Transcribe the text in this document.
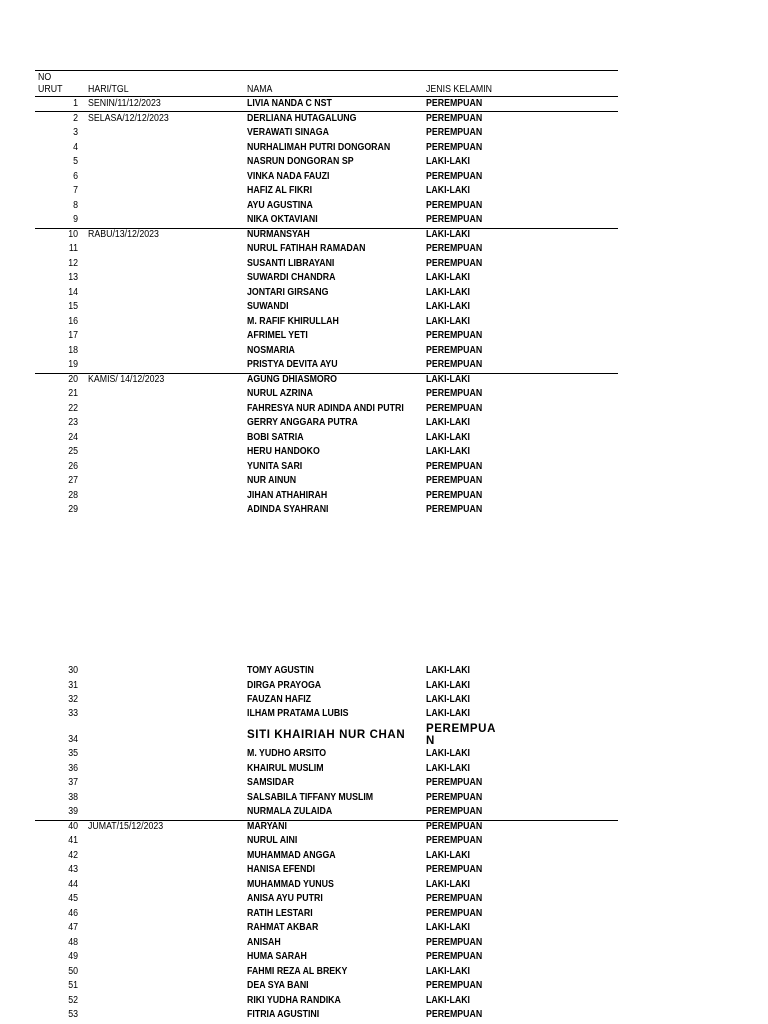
NO
URUT	HARI/TGL	NAMA	JENIS KELAMIN
1 SENIN/11/12/2023	LIVIA NANDA C NST	PEREMPUAN
2 SELASA/12/12/2023	DERLIANA HUTAGALUNG	PEREMPUAN
3	VERAWATI SINAGA	PEREMPUAN
4	NURHALIMAH PUTRI DONGORAN	PEREMPUAN
5	NASRUN DONGORAN SP	LAKI-LAKI
6	VINKA NADA FAUZI	PEREMPUAN
7	HAFIZ AL FIKRI	LAKI-LAKI
8	AYU AGUSTINA	PEREMPUAN
9	NIKA OKTAVIANI	PEREMPUAN
10 RABU/13/12/2023	NURMANSYAH	LAKI-LAKI
11	NURUL FATIHAH RAMADAN	PEREMPUAN
12	SUSANTI LIBRAYANI	PEREMPUAN
13	SUWARDI CHANDRA	LAKI-LAKI
14	JONTARI GIRSANG	LAKI-LAKI
15	SUWANDI	LAKI-LAKI
16	M. RAFIF KHIRULLAH	LAKI-LAKI
17	AFRIMEL YETI	PEREMPUAN
18	NOSMARIA	PEREMPUAN
19	PRISTYA DEVITA AYU	PEREMPUAN
20 KAMIS/ 14/12/2023	AGUNG DHIASMORO	LAKI-LAKI
21	NURUL AZRINA	PEREMPUAN
22	FAHRESYA NUR ADINDA ANDI PUTRI PEREMPUAN
23	GERRY ANGGARA PUTRA	LAKI-LAKI
24	BOBI SATRIA	LAKI-LAKI
25	HERU HANDOKO	LAKI-LAKI
26	YUNITA SARI	PEREMPUAN
27	NUR AINUN	PEREMPUAN
28	JIHAN ATHAHIRAH	PEREMPUAN
29	ADINDA SYAHRANI	PEREMPUAN
30	TOMY AGUSTIN	LAKI-LAKI
31	DIRGA PRAYOGA	LAKI-LAKI
32	FAUZAN HAFIZ	LAKI-LAKI
33	ILHAM PRATAMA LUBIS	LAKI-LAKI
34	SITI KHAIRIAH NUR CHAN PEREMPUA
N
35	M. YUDHO ARSITO	LAKI-LAKI
36	KHAIRUL MUSLIM	LAKI-LAKI
37	SAMSIDAR	PEREMPUAN
38	SALSABILA TIFFANY MUSLIM	PEREMPUAN
39	NURMALA ZULAIDA	PEREMPUAN
40 JUMAT/15/12/2023	MARYANI	PEREMPUAN
41	NURUL AINI	PEREMPUAN
42	MUHAMMAD ANGGA	LAKI-LAKI
43	HANISA EFENDI	PEREMPUAN
44	MUHAMMAD YUNUS	LAKI-LAKI
45	ANISA AYU PUTRI	PEREMPUAN
46	RATIH LESTARI	PEREMPUAN
47	RAHMAT AKBAR	LAKI-LAKI
48	ANISAH	PEREMPUAN
49	HUMA SARAH	PEREMPUAN
50	FAHMI REZA AL BREKY	LAKI-LAKI
51	DEA SYA BANI	PEREMPUAN
52	RIKI YUDHA RANDIKA	LAKI-LAKI
53	FITRIA AGUSTINI	PEREMPUAN
